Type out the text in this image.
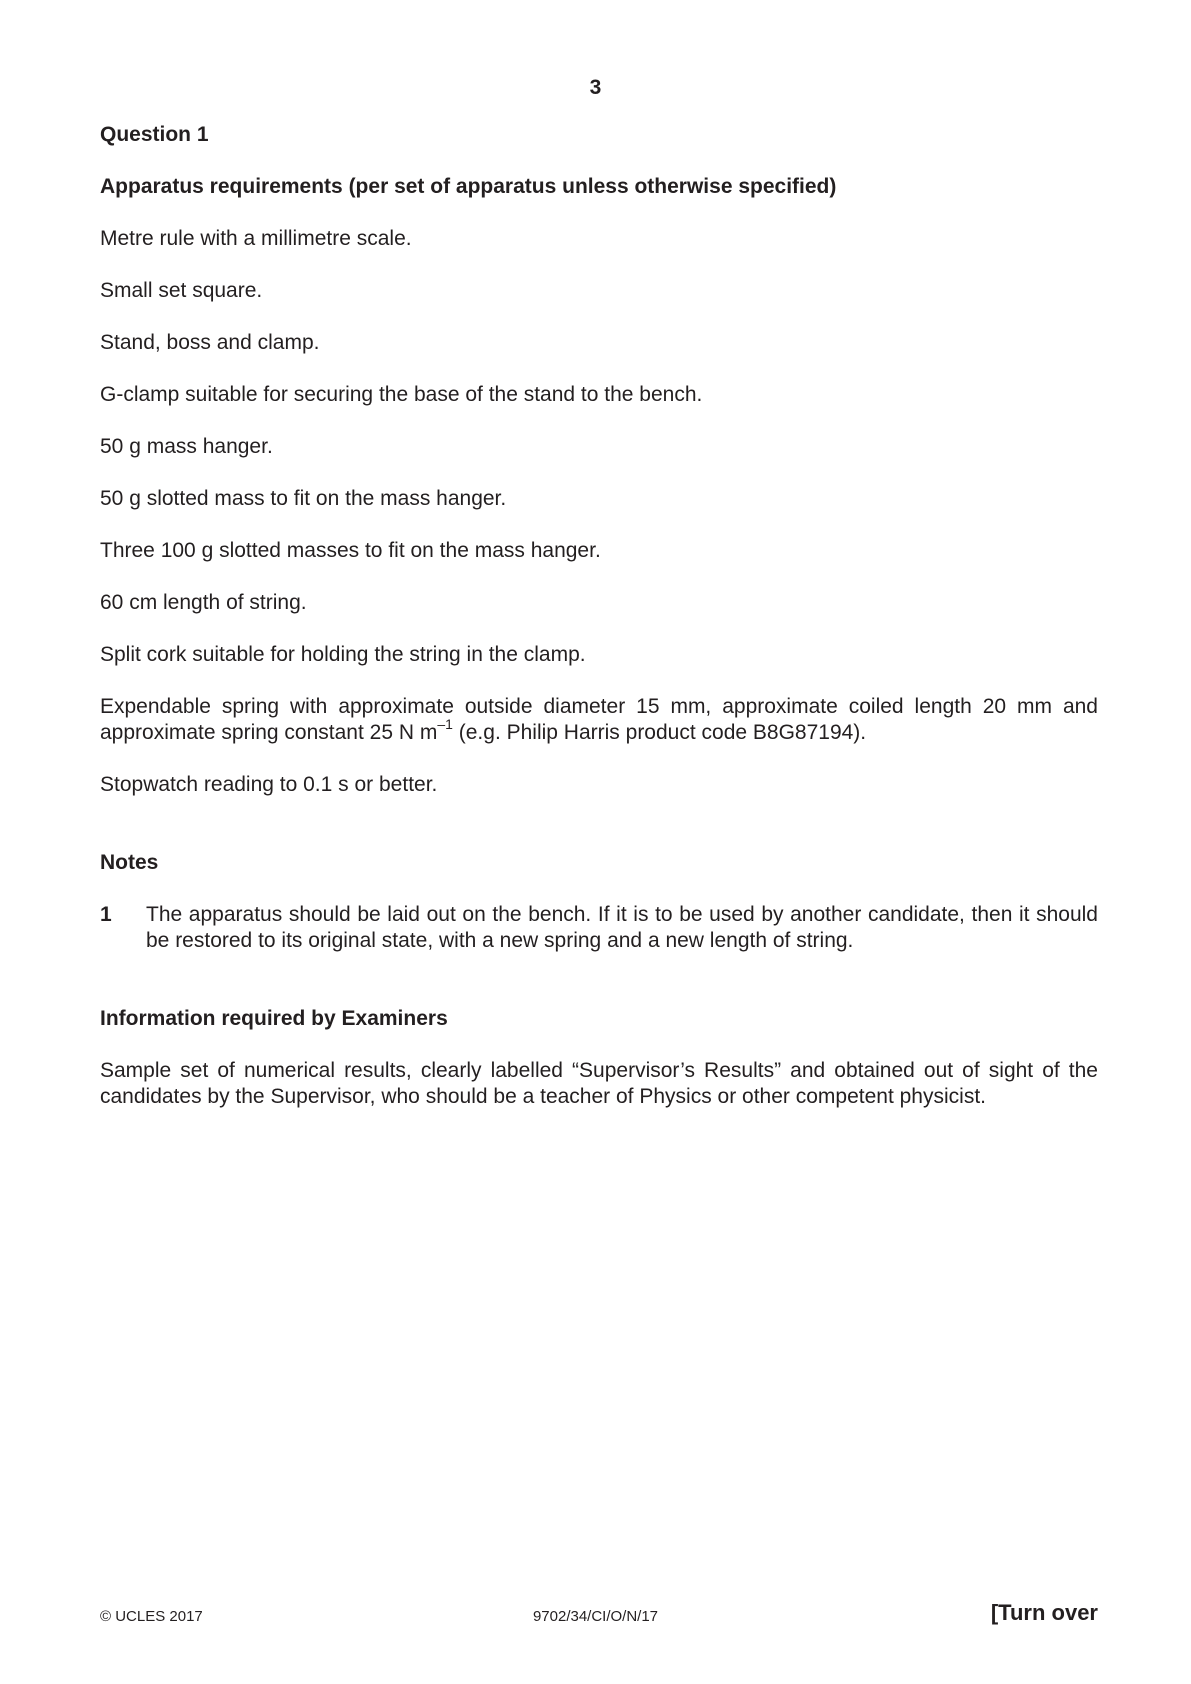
3

Question 1

Apparatus requirements (per set of apparatus unless otherwise specified)

Metre rule with a millimetre scale.

Small set square.

Stand, boss and clamp.

G-clamp suitable for securing the base of the stand to the bench.

50 g mass hanger.

50 g slotted mass to fit on the mass hanger.

Three 100 g slotted masses to fit on the mass hanger.

60 cm length of string.

Split cork suitable for holding the string in the clamp.

Expendable spring with approximate outside diameter 15 mm, approximate coiled length 20 mm and approximate spring constant 25 N $m^{-1}$ (e.g. Philip Harris product code B8G87194).

Stopwatch reading to 0.1 s or better.

Notes

1	The apparatus should be laid out on the bench. If it is to be used by another candidate, then it should be restored to its original state, with a new spring and a new length of string.

Information required by Examiners

Sample set of numerical results, clearly labelled “Supervisor’s Results” and obtained out of sight of the candidates by the Supervisor, who should be a teacher of Physics or other competent physicist.

© UCLES 2017	9702/34/CI/O/N/17	[Turn over
